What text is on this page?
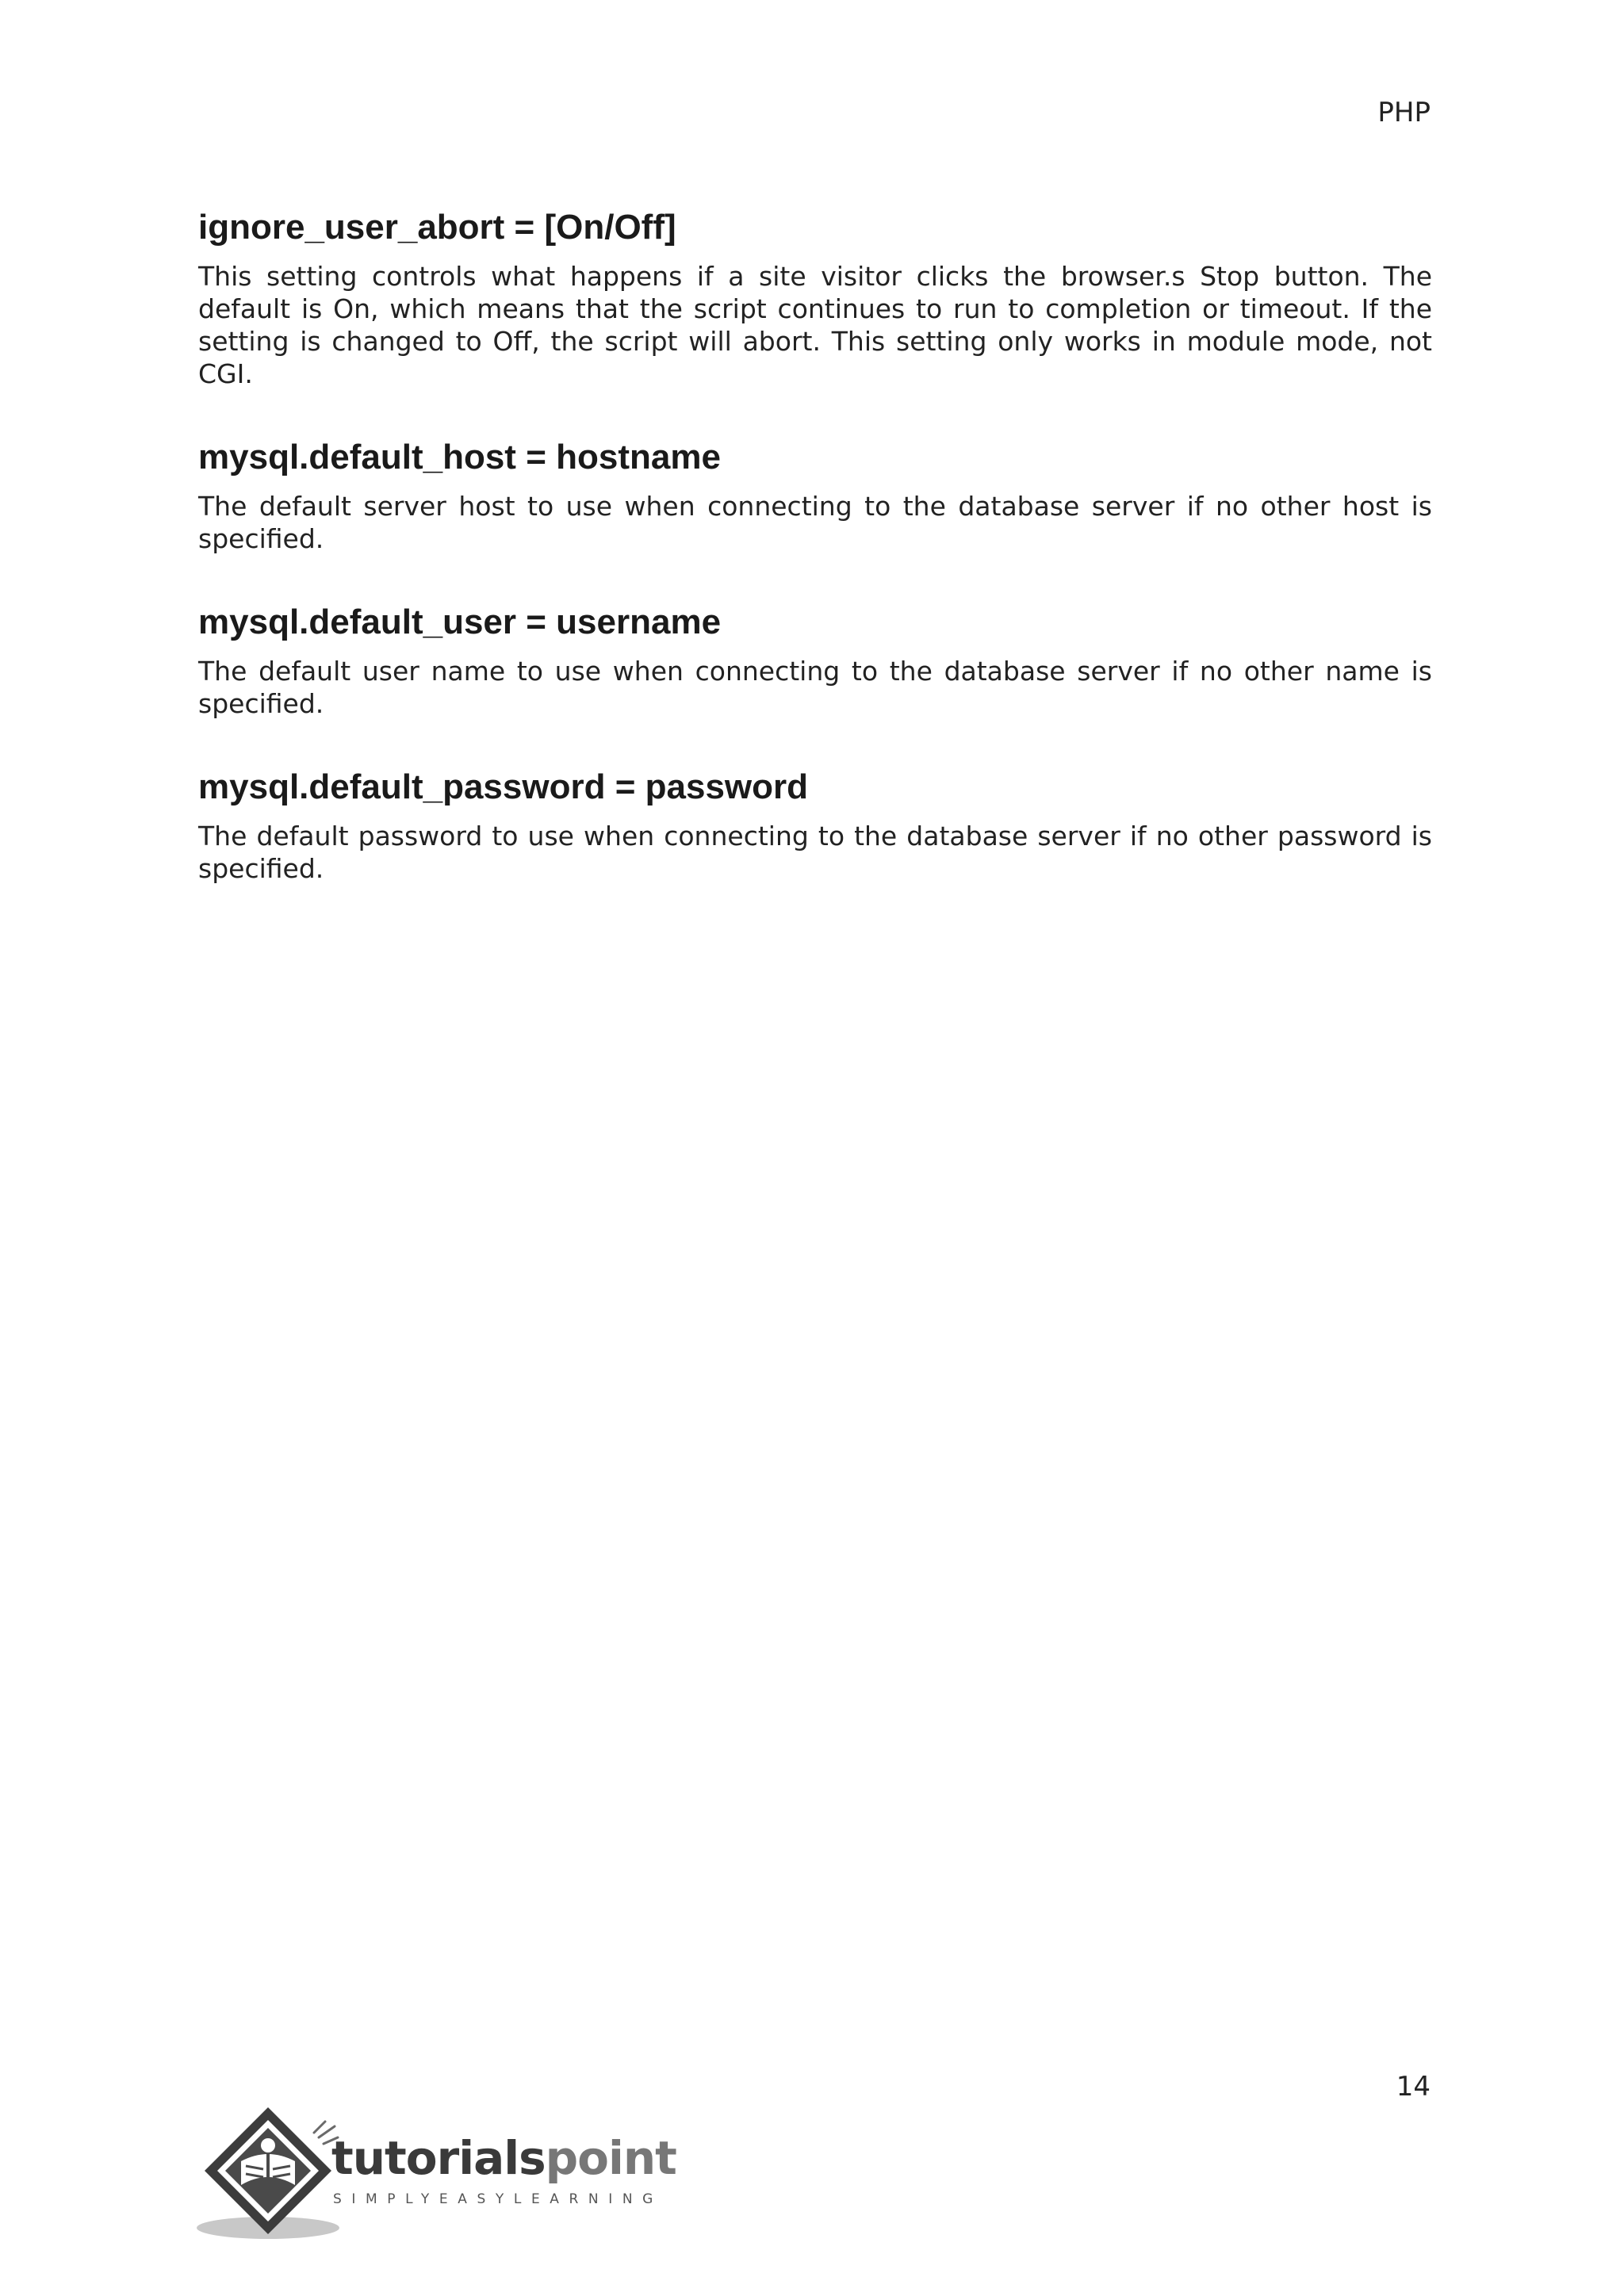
PHP
ignore_user_abort = [On/Off]

This setting controls what happens if a site visitor clicks the browser.s Stop button. The default is On, which means that the script continues to run to completion or timeout. If the setting is changed to Off, the script will abort. This setting only works in module mode, not CGI.

mysql.default_host = hostname

The default server host to use when connecting to the database server if no other host is specified.

mysql.default_user = username

The default user name to use when connecting to the database server if no other name is specified.

mysql.default_password = password

The default password to use when connecting to the database server if no other password is specified.

14
tutorialspoint
SIMPLYEASYLEARNING
